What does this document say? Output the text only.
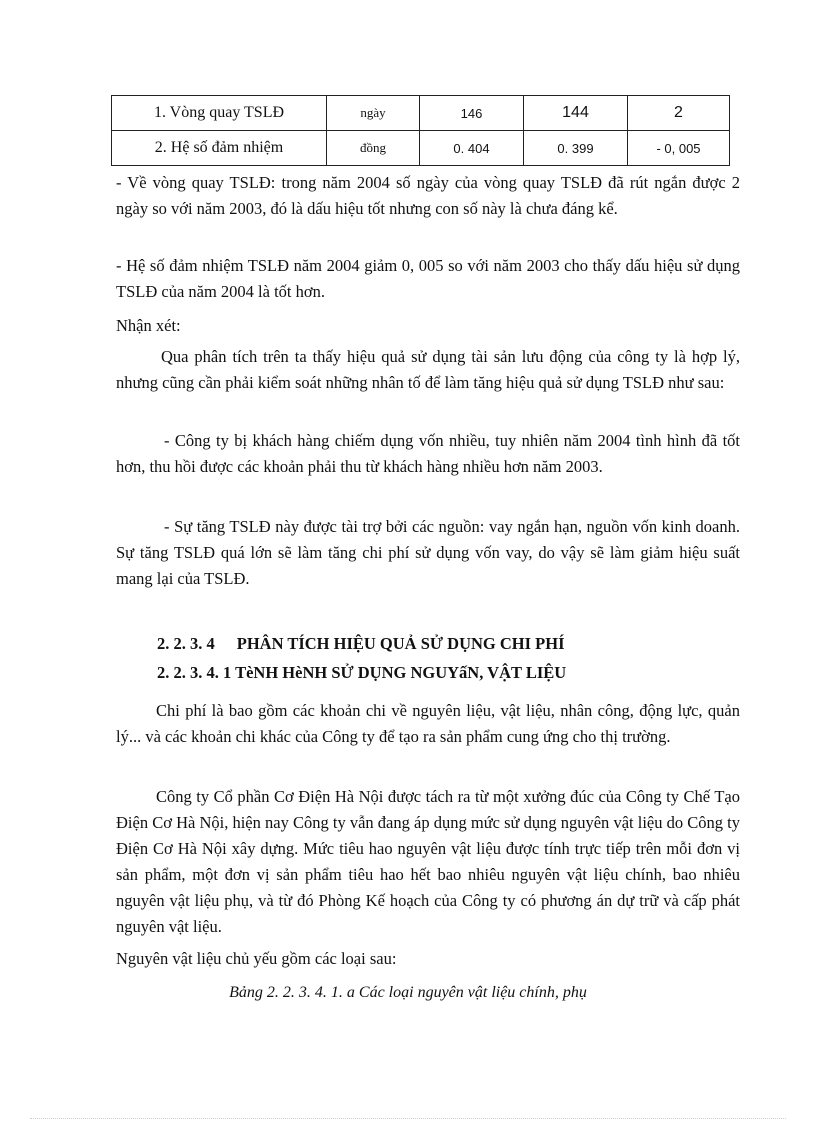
1. Vòng quay TSLĐ	ngày	146	144	2
2. Hệ số đảm nhiệm	đồng	0. 404	0. 399	- 0, 005
- Về vòng quay TSLĐ: trong năm 2004 số ngày của vòng quay TSLĐ đã rút ngắn được 2 ngày so với năm 2003, đó là dấu hiệu tốt nhưng con số này là chưa đáng kể.
- Hệ số đảm nhiệm TSLĐ năm 2004 giảm 0, 005 so với năm 2003 cho thấy dấu hiệu sử dụng TSLĐ của năm 2004 là tốt hơn.
Nhận xét:
Qua phân tích trên ta thấy hiệu quả sử dụng tài sản lưu động của công ty là hợp lý, nhưng cũng cần phải kiểm soát những nhân tố để làm tăng hiệu quả sử dụng TSLĐ như sau:
- Công ty bị khách hàng chiếm dụng vốn nhiều, tuy nhiên năm 2004 tình hình đã tốt hơn, thu hồi được các khoản phải thu từ khách hàng nhiều hơn năm 2003.
- Sự tăng TSLĐ này được tài trợ bởi các nguồn: vay ngắn hạn, nguồn vốn kinh doanh. Sự tăng TSLĐ quá lớn sẽ làm tăng chi phí sử dụng vốn vay, do vậy sẽ làm giảm hiệu suất mang lại của TSLĐ.
2. 2. 3. 4 PHÂN TÍCH HIỆU QUẢ SỬ DỤNG CHI PHÍ
2. 2. 3. 4. 1 TèNH HèNH SỬ DỤNG NGUYấN, VẬT LIỆU
Chi phí là bao gồm các khoản chi về nguyên liệu, vật liệu, nhân công, động lực, quản lý... và các khoản chi khác của Công ty để tạo ra sản phẩm cung ứng cho thị trường.
Công ty Cổ phần Cơ Điện Hà Nội được tách ra từ một xưởng đúc của Công ty Chế Tạo Điện Cơ Hà Nội, hiện nay Công ty vẫn đang áp dụng mức sử dụng nguyên vật liệu do Công ty Điện Cơ Hà Nội xây dựng. Mức tiêu hao nguyên vật liệu được tính trực tiếp trên mỗi đơn vị sản phẩm, một đơn vị sản phẩm tiêu hao hết bao nhiêu nguyên vật liệu chính, bao nhiêu nguyên vật liệu phụ, và từ đó Phòng Kế hoạch của Công ty có phương án dự trữ và cấp phát nguyên vật liệu.
Nguyên vật liệu chủ yếu gồm các loại sau:
Bảng 2. 2. 3. 4. 1. a Các loại nguyên vật liệu chính, phụ
